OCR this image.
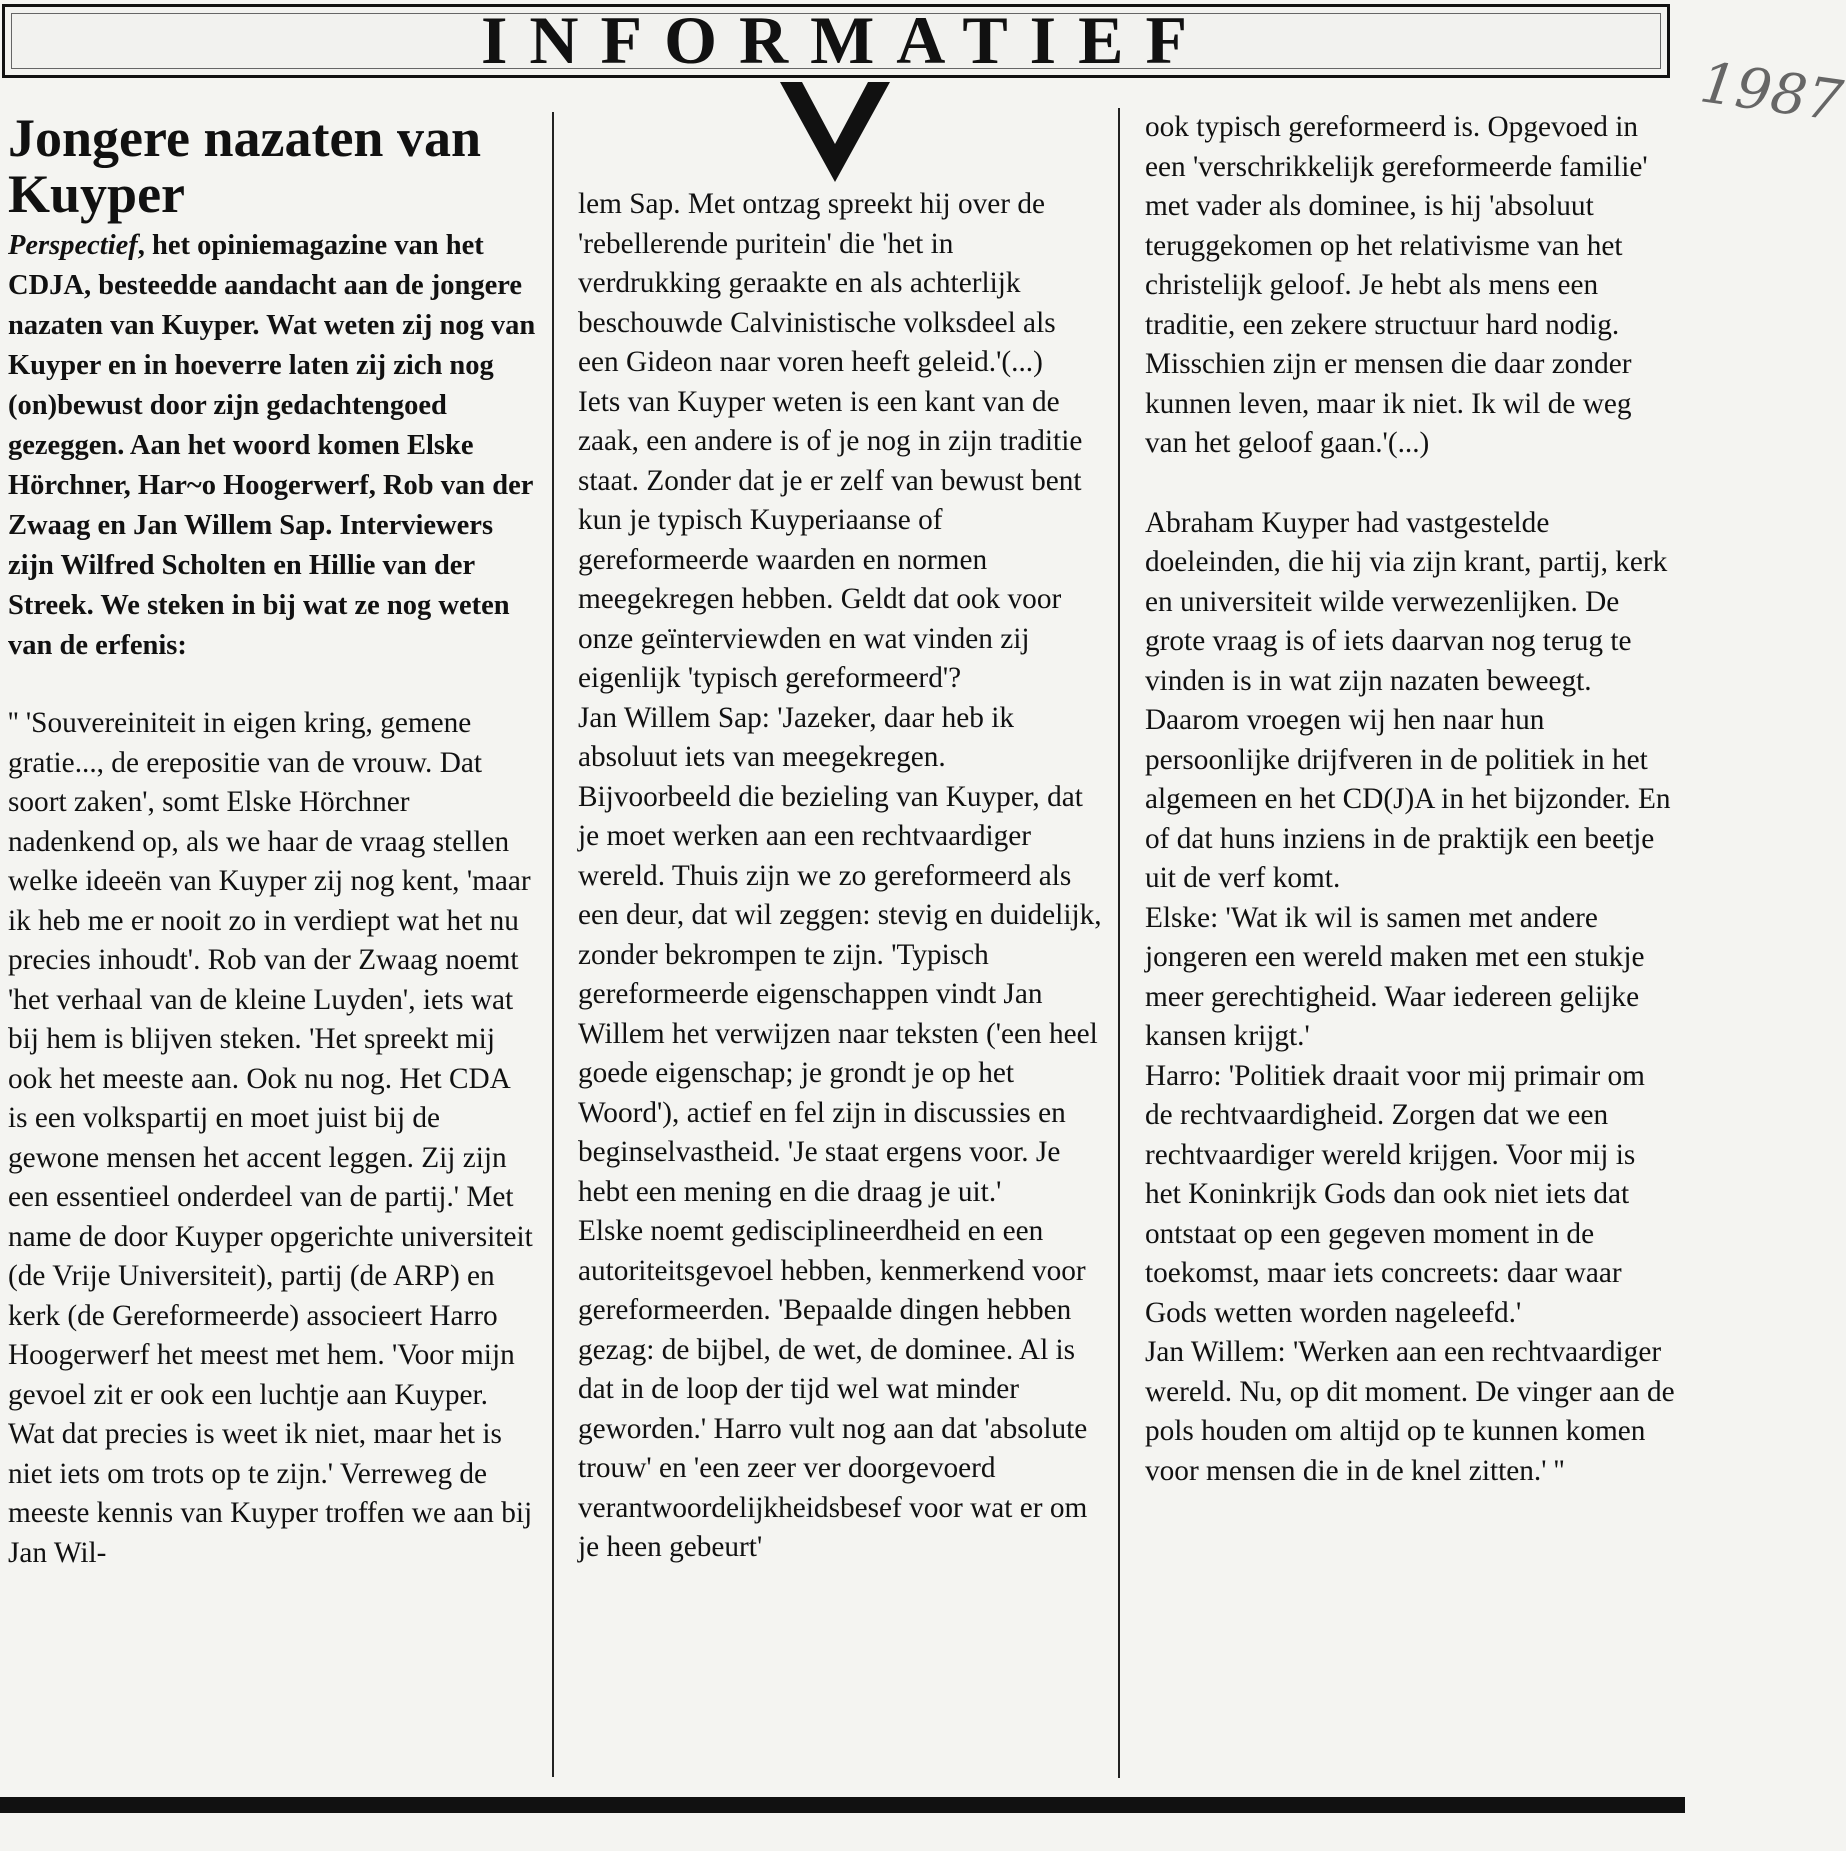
INFORMATIEF
1987
Jongere nazaten van Kuyper

Perspectief, het opiniemagazine van het CDJA, besteedde aandacht aan de jongere nazaten van Kuyper. Wat weten zij nog van Kuyper en in hoeverre laten zij zich nog (on)bewust door zijn gedachtengoed gezeggen. Aan het woord komen Elske Hörchner, Har~o Hoogerwerf, Rob van der Zwaag en Jan Willem Sap. Interviewers zijn Wilfred Scholten en Hillie van der Streek. We steken in bij wat ze nog weten van de erfenis:

'' 'Souvereiniteit in eigen kring, gemene gratie..., de erepositie van de vrouw. Dat soort zaken', somt Elske Hörchner nadenkend op, als we haar de vraag stellen welke ideeën van Kuyper zij nog kent, 'maar ik heb me er nooit zo in verdiept wat het nu precies inhoudt'. Rob van der Zwaag noemt 'het verhaal van de kleine Luyden', iets wat bij hem is blijven steken. 'Het spreekt mij ook het meeste aan. Ook nu nog. Het CDA is een volkspartij en moet juist bij de gewone mensen het accent leggen. Zij zijn een essentieel onderdeel van de partij.' Met name de door Kuyper opgerichte universiteit (de Vrije Universiteit), partij (de ARP) en kerk (de Gereformeerde) associeert Harro Hoogerwerf het meest met hem. 'Voor mijn gevoel zit er ook een luchtje aan Kuyper. Wat dat precies is weet ik niet, maar het is niet iets om trots op te zijn.' Verreweg de meeste kennis van Kuyper troffen we aan bij Jan Wil-

lem Sap. Met ontzag spreekt hij over de 'rebellerende puritein' die 'het in verdrukking geraakte en als achterlijk beschouwde Calvinistische volksdeel als een Gideon naar voren heeft geleid.'(...)

Iets van Kuyper weten is een kant van de zaak, een andere is of je nog in zijn traditie staat. Zonder dat je er zelf van bewust bent kun je typisch Kuyperiaanse of gereformeerde waarden en normen meegekregen hebben. Geldt dat ook voor onze geïnterviewden en wat vinden zij eigenlijk 'typisch gereformeerd'?

Jan Willem Sap: 'Jazeker, daar heb ik absoluut iets van meegekregen. Bijvoorbeeld die bezieling van Kuyper, dat je moet werken aan een rechtvaardiger wereld. Thuis zijn we zo gereformeerd als een deur, dat wil zeggen: stevig en duidelijk, zonder bekrompen te zijn. 'Typisch gereformeerde eigenschappen vindt Jan Willem het verwijzen naar teksten ('een heel goede eigenschap; je grondt je op het Woord'), actief en fel zijn in discussies en beginselvastheid. 'Je staat ergens voor. Je hebt een mening en die draag je uit.'

Elske noemt gedisciplineerdheid en een autoriteitsgevoel hebben, kenmerkend voor gereformeerden. 'Bepaalde dingen hebben gezag: de bijbel, de wet, de dominee. Al is dat in de loop der tijd wel wat minder geworden.' Harro vult nog aan dat 'absolute trouw' en 'een zeer ver doorgevoerd verantwoordelijkheidsbesef voor wat er om je heen gebeurt'

ook typisch gereformeerd is. Opgevoed in een 'verschrikkelijk gereformeerde familie' met vader als dominee, is hij 'absoluut teruggekomen op het relativisme van het christelijk geloof. Je hebt als mens een traditie, een zekere structuur hard nodig. Misschien zijn er mensen die daar zonder kunnen leven, maar ik niet. Ik wil de weg van het geloof gaan.'(...)

Abraham Kuyper had vastgestelde doeleinden, die hij via zijn krant, partij, kerk en universiteit wilde verwezenlijken. De grote vraag is of iets daarvan nog terug te vinden is in wat zijn nazaten beweegt. Daarom vroegen wij hen naar hun persoonlijke drijfveren in de politiek in het algemeen en het CD(J)A in het bijzonder. En of dat huns inziens in de praktijk een beetje uit de verf komt.

Elske: 'Wat ik wil is samen met andere jongeren een wereld maken met een stukje meer gerechtigheid. Waar iedereen gelijke kansen krijgt.'

Harro: 'Politiek draait voor mij primair om de rechtvaardigheid. Zorgen dat we een rechtvaardiger wereld krijgen. Voor mij is het Koninkrijk Gods dan ook niet iets dat ontstaat op een gegeven moment in de toekomst, maar iets concreets: daar waar Gods wetten worden nageleefd.'

Jan Willem: 'Werken aan een rechtvaardiger wereld. Nu, op dit moment. De vinger aan de pols houden om altijd op te kunnen komen voor mensen die in de knel zitten.' ''
